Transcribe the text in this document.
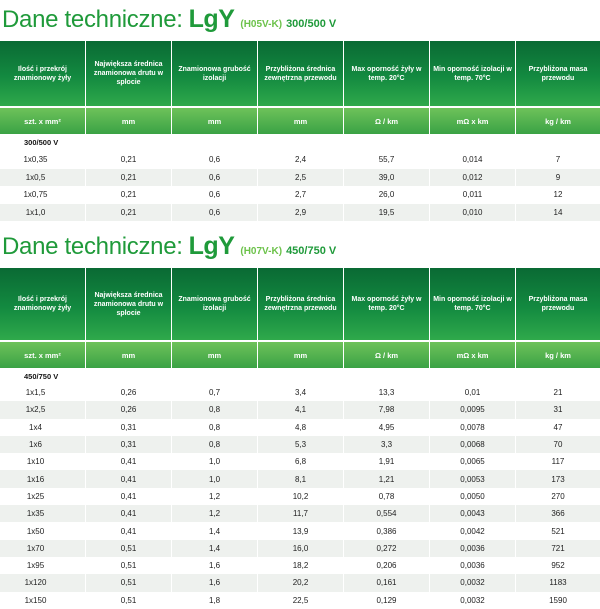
Dane techniczne: LgY (H05V-K) 300/500 V
Ilość i przekrój znamionowy żyły	Największa średnica znamionowa drutu w splocie	Znamionowa grubość izolacji	Przybliżona średnica zewnętrzna przewodu	Max oporność żyły w temp. 20°C	Min oporność izolacji w temp. 70°C	Przybliżona masa przewodu
szt. x mm²	mm	mm	mm	Ω / km	mΩ x km	kg / km
300/500 V						
1x0,35	0,21	0,6	2,4	55,7	0,014	7
1x0,5	0,21	0,6	2,5	39,0	0,012	9
1x0,75	0,21	0,6	2,7	26,0	0,011	12
1x1,0	0,21	0,6	2,9	19,5	0,010	14
Dane techniczne: LgY (H07V-K) 450/750 V
Ilość i przekrój znamionowy żyły	Największa średnica znamionowa drutu w splocie	Znamionowa grubość izolacji	Przybliżona średnica zewnętrzna przewodu	Max oporność żyły w temp. 20°C	Min oporność izolacji w temp. 70°C	Przybliżona masa przewodu
szt. x mm²	mm	mm	mm	Ω / km	mΩ x km	kg / km
450/750 V						
1x1,5	0,26	0,7	3,4	13,3	0,01	21
1x2,5	0,26	0,8	4,1	7,98	0,0095	31
1x4	0,31	0,8	4,8	4,95	0,0078	47
1x6	0,31	0,8	5,3	3,3	0,0068	70
1x10	0,41	1,0	6,8	1,91	0,0065	117
1x16	0,41	1,0	8,1	1,21	0,0053	173
1x25	0,41	1,2	10,2	0,78	0,0050	270
1x35	0,41	1,2	11,7	0,554	0,0043	366
1x50	0,41	1,4	13,9	0,386	0,0042	521
1x70	0,51	1,4	16,0	0,272	0,0036	721
1x95	0,51	1,6	18,2	0,206	0,0036	952
1x120	0,51	1,6	20,2	0,161	0,0032	1183
1x150	0,51	1,8	22,5	0,129	0,0032	1590
